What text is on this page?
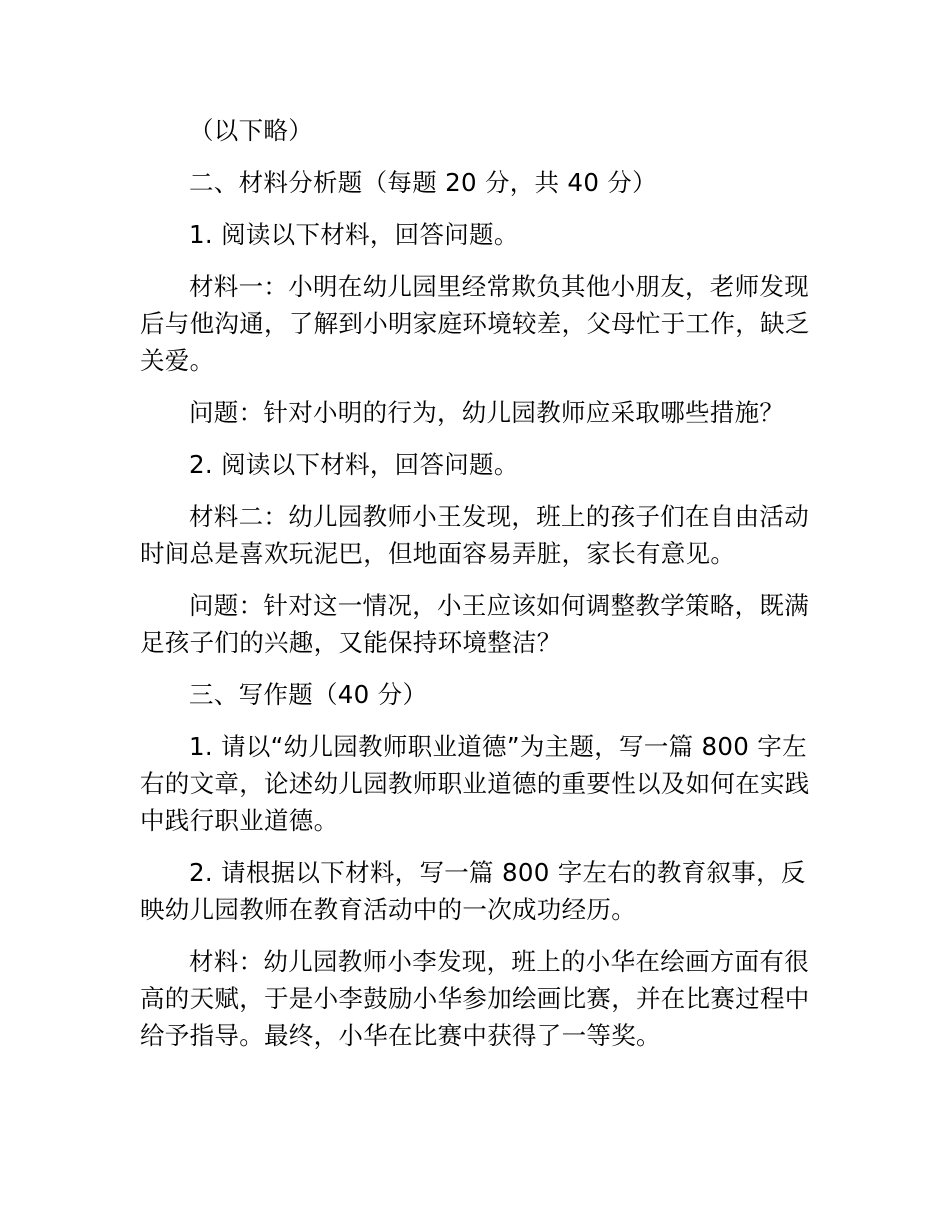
（以下略）

二、材料分析题（每题 20 分，共 40 分）

1. 阅读以下材料，回答问题。

材料一：小明在幼儿园里经常欺负其他小朋友，老师发现后与他沟通，了解到小明家庭环境较差，父母忙于工作，缺乏关爱。

问题：针对小明的行为，幼儿园教师应采取哪些措施？

2. 阅读以下材料，回答问题。

材料二：幼儿园教师小王发现，班上的孩子们在自由活动时间总是喜欢玩泥巴，但地面容易弄脏，家长有意见。

问题：针对这一情况，小王应该如何调整教学策略，既满足孩子们的兴趣，又能保持环境整洁？

三、写作题（40 分）

1. 请以“幼儿园教师职业道德”为主题，写一篇 800 字左右的文章，论述幼儿园教师职业道德的重要性以及如何在实践中践行职业道德。

2. 请根据以下材料，写一篇 800 字左右的教育叙事，反映幼儿园教师在教育活动中的一次成功经历。

材料：幼儿园教师小李发现，班上的小华在绘画方面有很高的天赋，于是小李鼓励小华参加绘画比赛，并在比赛过程中给予指导。最终，小华在比赛中获得了一等奖。
